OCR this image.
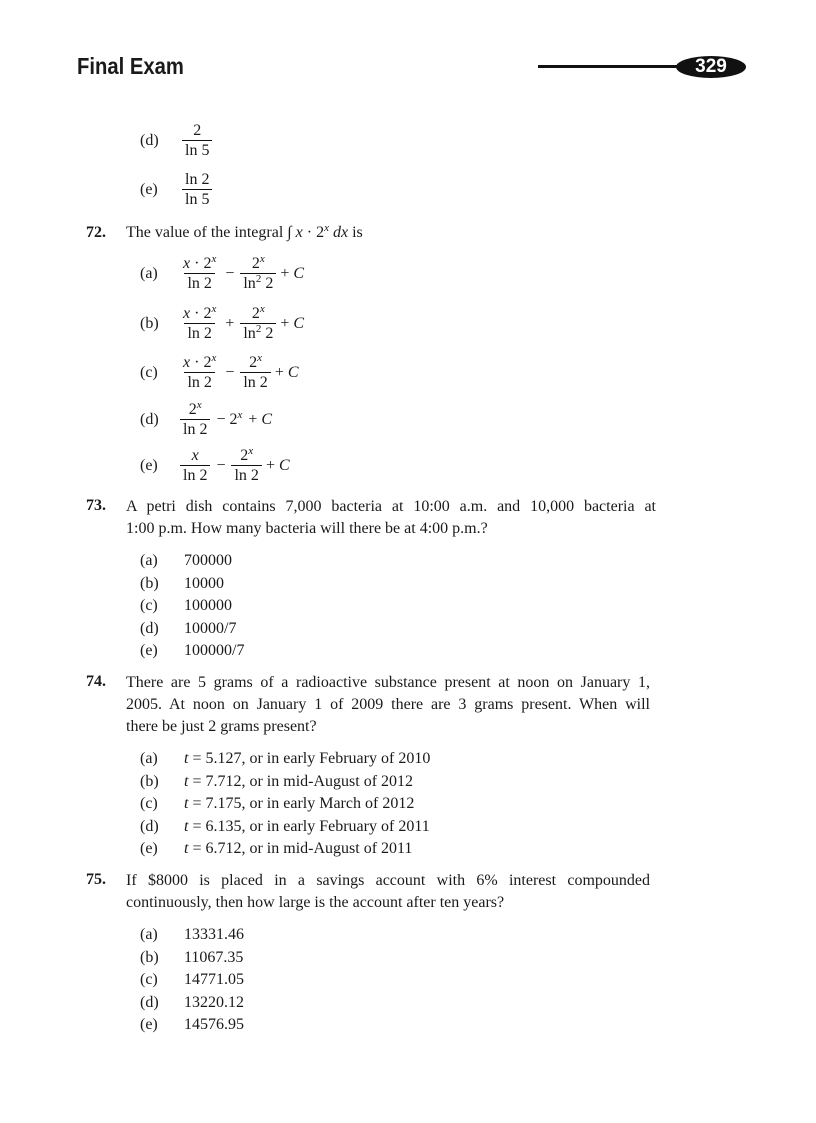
Final Exam	329
(d)	$\frac{2}{\ln 5}$
(e)	$\frac{\ln 2}{\ln 5}$
72. The value of the integral ∫ $x \cdot 2^x$ dx is
(a)	$\frac{x \cdot 2^x}{\ln 2} - \frac{2^x}{\ln^2 2} + C$
(b)	$\frac{x \cdot 2^x}{\ln 2} + \frac{2^x}{\ln^2 2} + C$
(c)	$\frac{x \cdot 2^x}{\ln 2} - \frac{2^x}{\ln 2} + C$
(d)	$\frac{2^x}{\ln 2} - 2^x + C$
(e)	$\frac{x}{\ln 2} - \frac{2^x}{\ln 2} + C$
73. A petri dish contains 7,000 bacteria at 10:00 a.m. and 10,000 bacteria at
1:00 p.m. How many bacteria will there be at 4:00 p.m.?
(a) 700000
(b) 10000
(c) 100000
(d) 10000/7
(e) 100000/7
74. There are 5 grams of a radioactive substance present at noon on January 1,
2005. At noon on January 1 of 2009 there are 3 grams present. When will
there be just 2 grams present?
(a) t = 5.127, or in early February of 2010
(b) t = 7.712, or in mid-August of 2012
(c) t = 7.175, or in early March of 2012
(d) t = 6.135, or in early February of 2011
(e) t = 6.712, or in mid-August of 2011
75. If $8000 is placed in a savings account with 6% interest compounded
continuously, then how large is the account after ten years?
(a) 13331.46
(b) 11067.35
(c) 14771.05
(d) 13220.12
(e) 14576.95
